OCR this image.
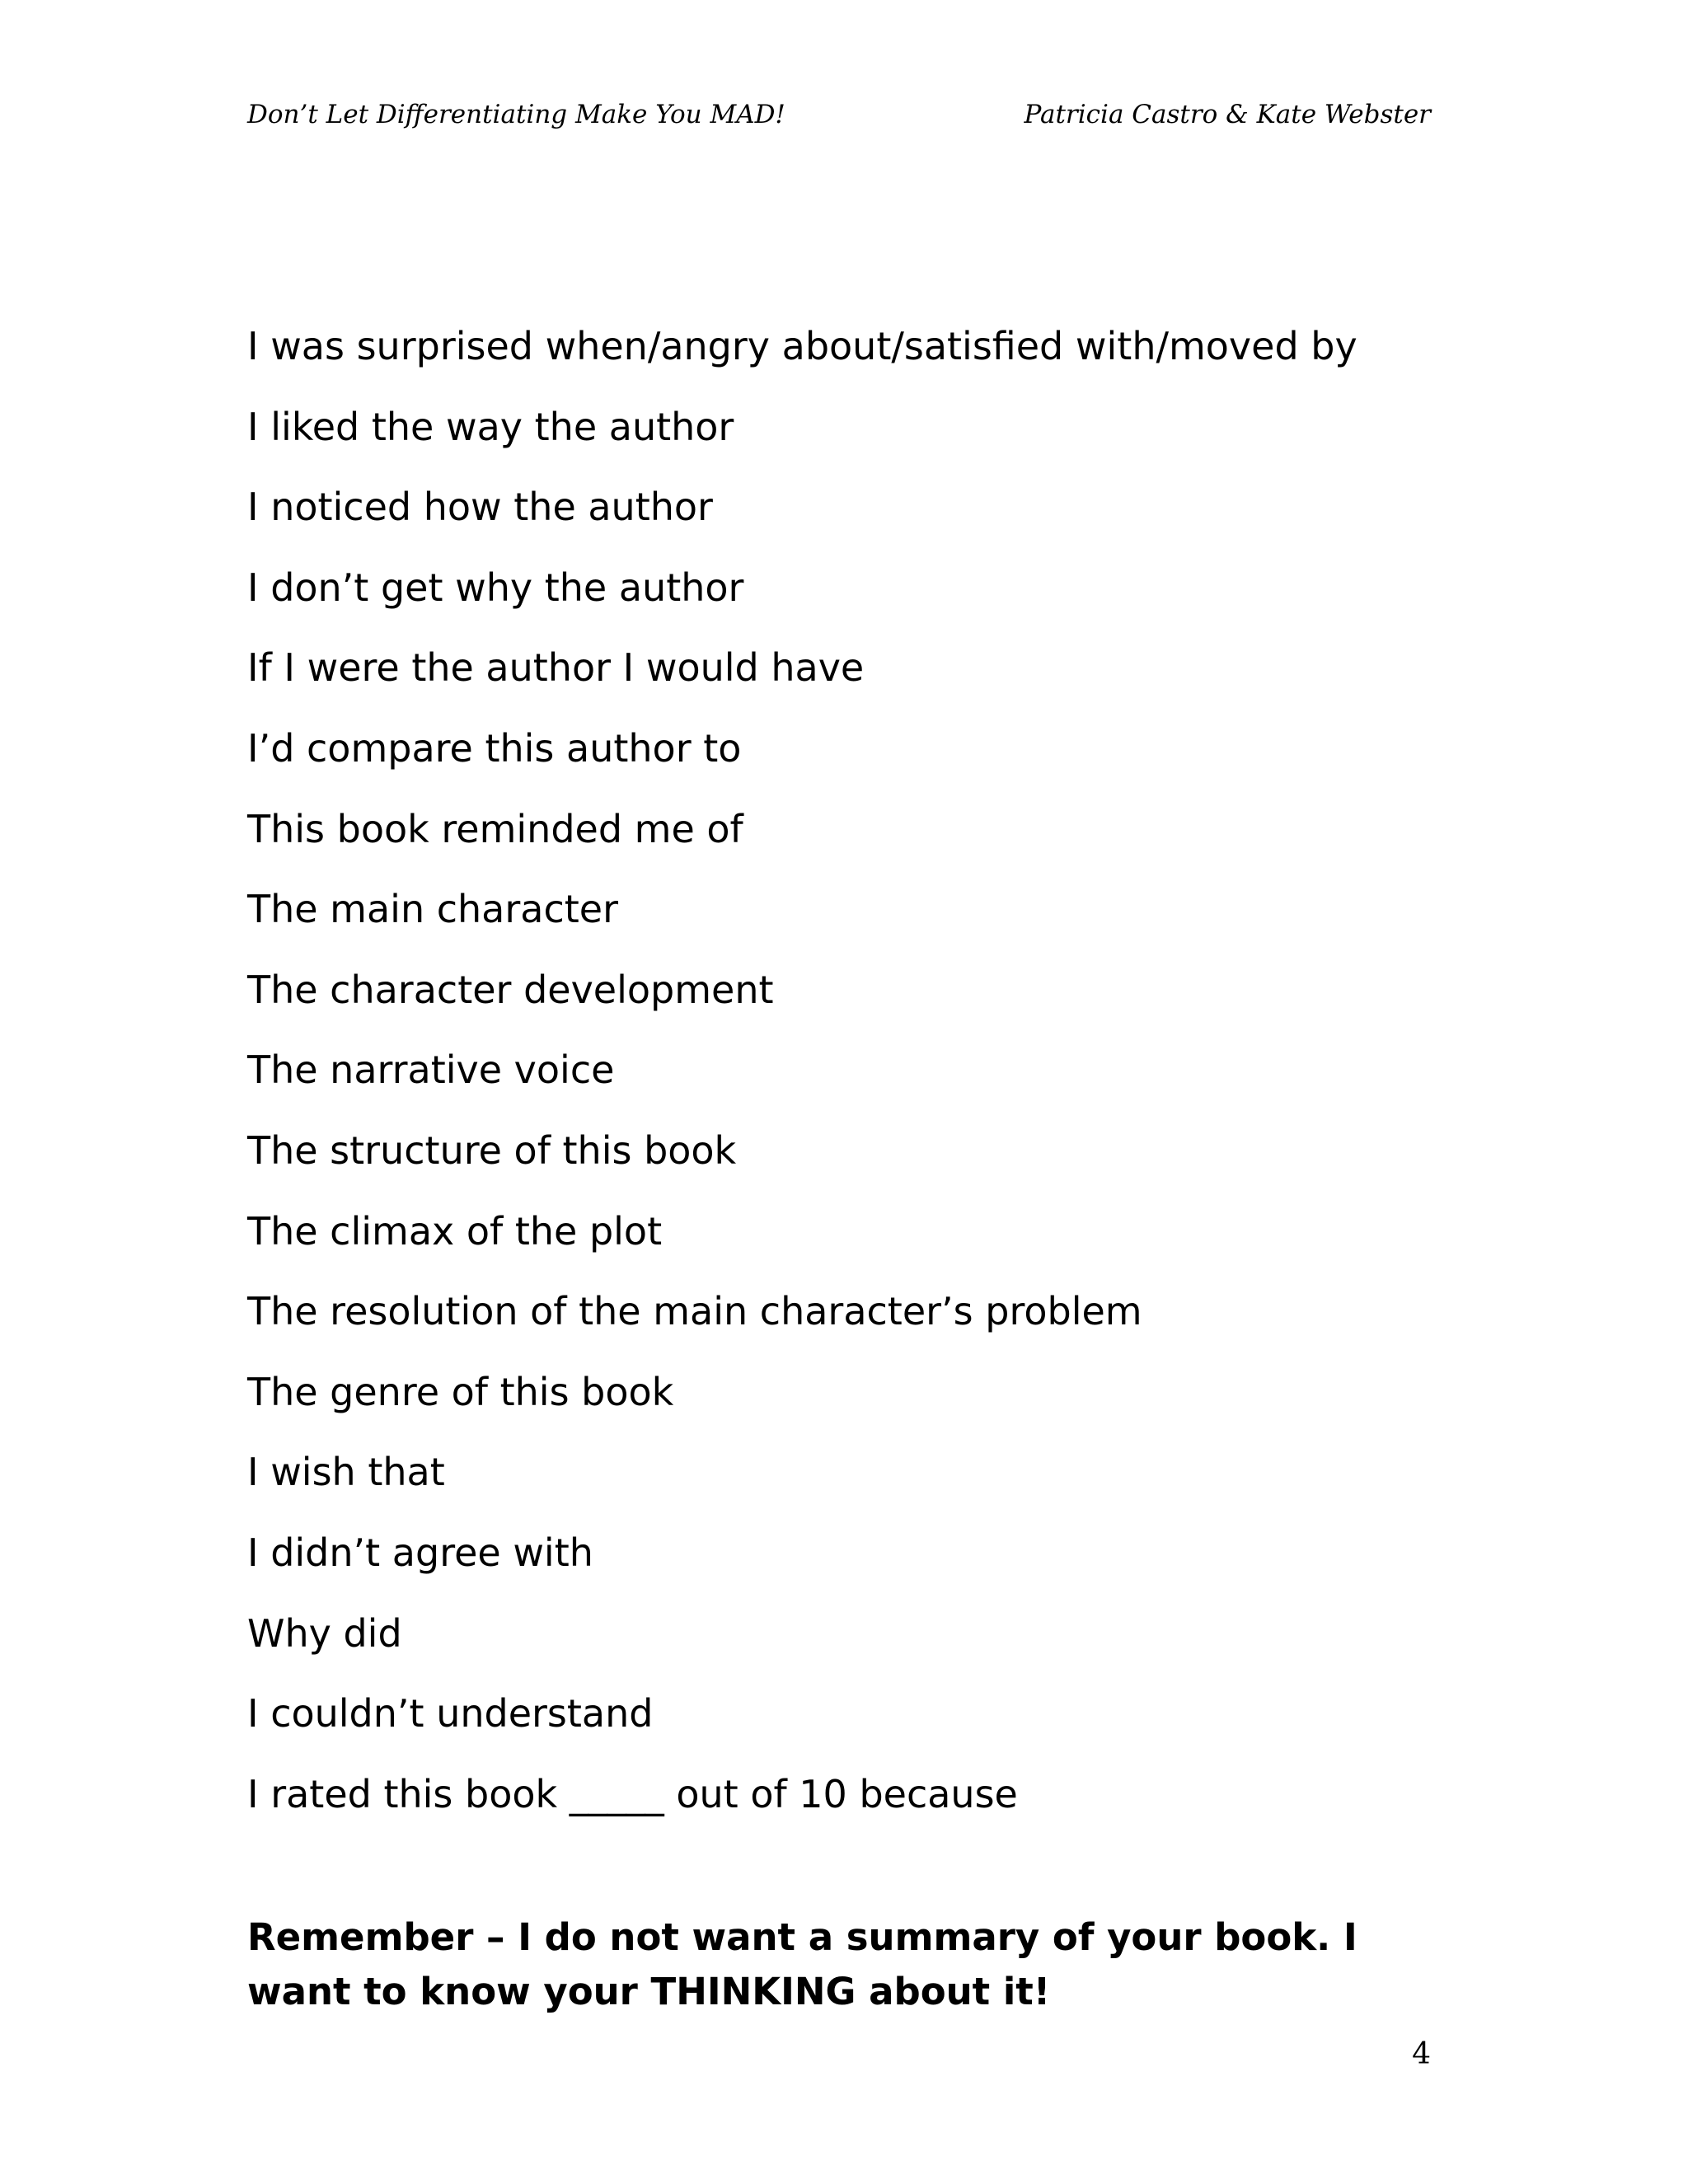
Don’t Let Differentiating Make You MAD!	Patricia Castro & Kate Webster
I was surprised when/angry about/satisfied with/moved by
I liked the way the author
I noticed how the author
I don’t get why the author
If I were the author I would have
I’d compare this author to
This book reminded me of
The main character
The character development
The narrative voice
The structure of this book
The climax of the plot
The resolution of the main character’s problem
The genre of this book
I wish that
I didn’t agree with
Why did
I couldn’t understand
I rated this book _____ out of 10 because

Remember – I do not want a summary of your book. I want to know your THINKING about it!

4
